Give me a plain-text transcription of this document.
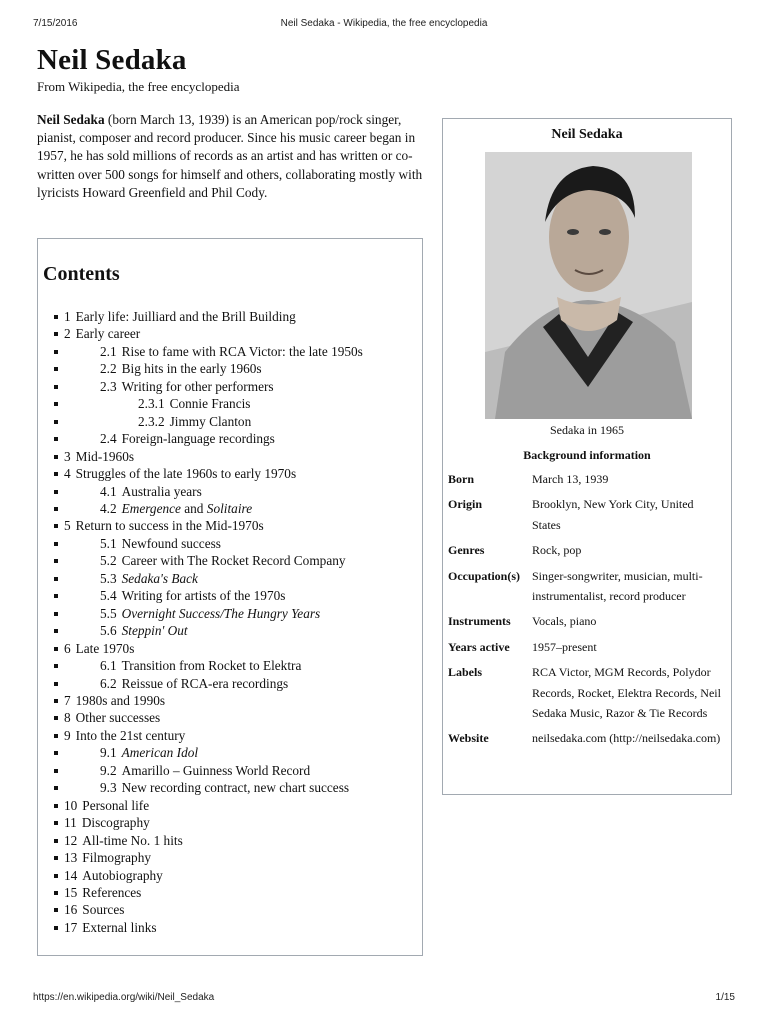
7/15/2016	Neil Sedaka - Wikipedia, the free encyclopedia
Neil Sedaka
From Wikipedia, the free encyclopedia

Neil Sedaka (born March 13, 1939) is an American pop/rock singer, pianist, composer and record producer. Since his music career began in 1957, he has sold millions of records as an artist and has written or co-written over 500 songs for himself and others, collaborating mostly with lyricists Howard Greenfield and Phil Cody.

Contents
1 Early life: Juilliard and the Brill Building
2 Early career
2.1 Rise to fame with RCA Victor: the late 1950s
2.2 Big hits in the early 1960s
2.3 Writing for other performers
2.3.1 Connie Francis
2.3.2 Jimmy Clanton
2.4 Foreign-language recordings
3 Mid-1960s
4 Struggles of the late 1960s to early 1970s
4.1 Australia years
4.2 Emergence and Solitaire
5 Return to success in the Mid-1970s
5.1 Newfound success
5.2 Career with The Rocket Record Company
5.3 Sedaka's Back
5.4 Writing for artists of the 1970s
5.5 Overnight Success/The Hungry Years
5.6 Steppin' Out
6 Late 1970s
6.1 Transition from Rocket to Elektra
6.2 Reissue of RCA-era recordings
7 1980s and 1990s
8 Other successes
9 Into the 21st century
9.1 American Idol
9.2 Amarillo – Guinness World Record
9.3 New recording contract, new chart success
10 Personal life
11 Discography
12 All-time No. 1 hits
13 Filmography
14 Autobiography
15 References
16 Sources
17 External links
Neil Sedaka
Sedaka in 1965
Background information
Born	March 13, 1939
Origin	Brooklyn, New York City, United States
Genres	Rock, pop
Occupation(s)	Singer-songwriter, musician, multi-instrumentalist, record producer
Instruments	Vocals, piano
Years active	1957–present
Labels	RCA Victor, MGM Records, Polydor Records, Rocket, Elektra Records, Neil Sedaka Music, Razor & Tie Records
Website	neilsedaka.com (http://neilsedaka.com)
https://en.wikipedia.org/wiki/Neil_Sedaka	1/15
